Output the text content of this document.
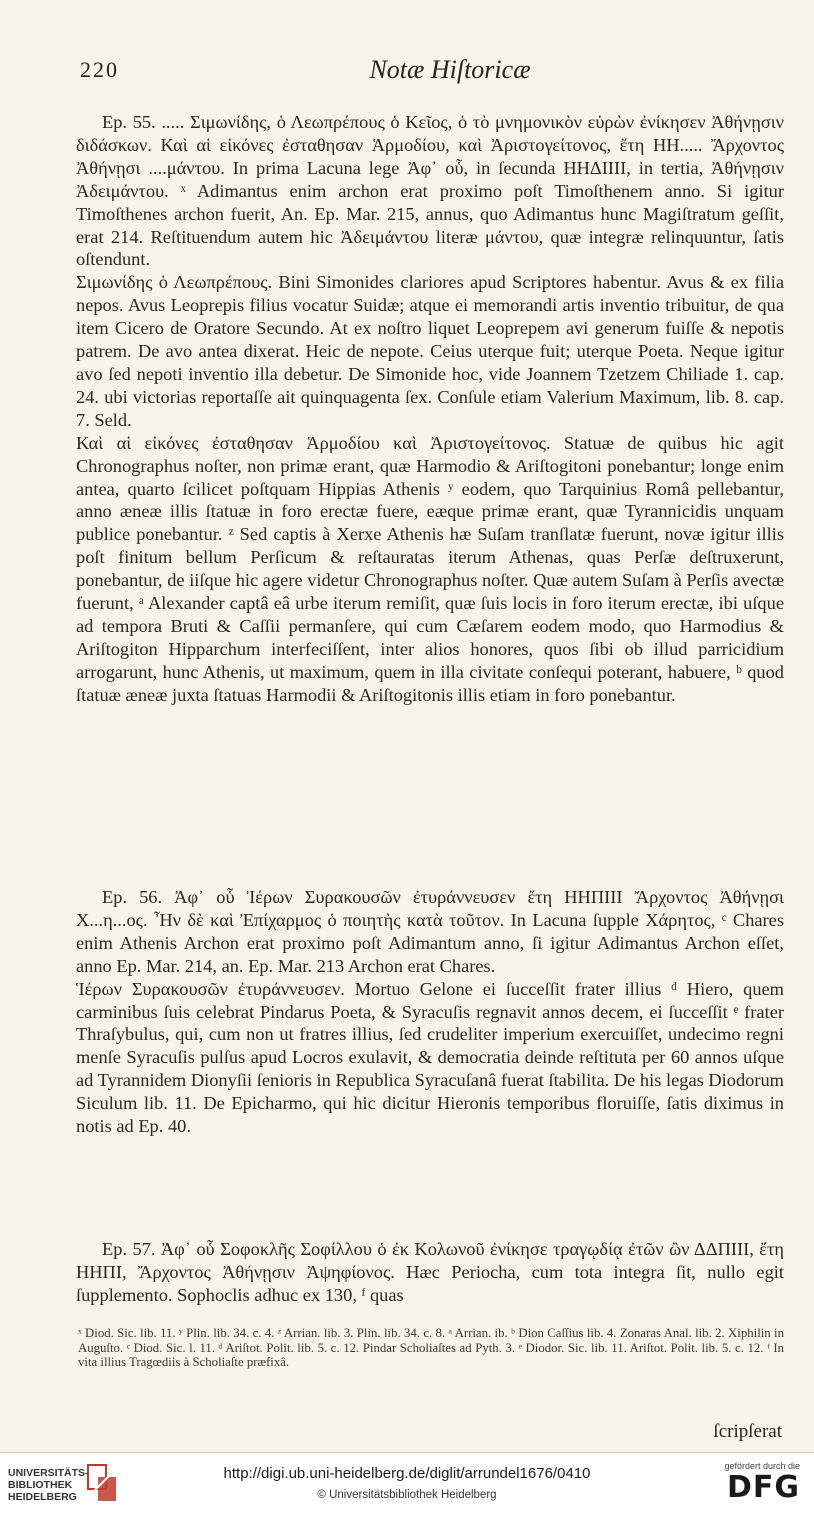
220	Notæ Hiſtoricæ

Ep. 55. ..... Σιμωνίδης, ὁ Λεωπρέπους ὁ Κεῖος, ὁ τὸ μνημονικὸν εὑρὼν ἐνίκησεν Ἀθήνῃσιν διδάσκων. Καὶ αἱ εἰκόνες ἐσταθησαν Ἁρμοδίου, καὶ Ἀριστογείτονος, ἔτη ΗΗ..... Ἄρχοντος Ἀθήνῃσι ....μάντου. In prima Lacuna lege Ἀφ᾽ οὗ, in ſecunda ΗΗΔΙΙΙΙ, in tertia, Ἀθήνῃσιν Ἀδειμάντου. ˣ Adimantus enim archon erat proximo poſt Timoſthenem anno. Si igitur Timoſthenes archon fuerit, An. Ep. Mar. 215, annus, quo Adimantus hunc Magiſtratum geſſit, erat 214. Reſtituendum autem hic Ἀδειμάντου literæ μάντου, quæ integræ relinquuntur, ſatis oſtendunt.

Σιμωνίδης ὁ Λεωπρέπους. Bini Simonides clariores apud Scriptores habentur. Avus & ex filia nepos. Avus Leoprepis filius vocatur Suidæ; atque ei memorandi artis inventio tribuitur, de qua item Cicero de Oratore Secundo. At ex noſtro liquet Leoprepem avi generum fuiſſe & nepotis patrem. De avo antea dixerat. Heic de nepote. Ceius uterque fuit; uterque Poeta. Neque igitur avo ſed nepoti inventio illa debetur. De Simonide hoc, vide Joannem Tzetzem Chiliade 1. cap. 24. ubi victorias reportaſſe ait quinquagenta ſex. Conſule etiam Valerium Maximum, lib. 8. cap. 7. Seld.

Καὶ αἱ εἰκόνες ἐσταθησαν Ἁρμοδίου καὶ Ἀριστογείτονος. Statuæ de quibus hic agit Chronographus noſter, non primæ erant, quæ Harmodio & Ariſtogitoni ponebantur; longe enim antea, quarto ſcilicet poſtquam Hippias Athenis ʸ eodem, quo Tarquinius Româ pellebantur, anno æneæ illis ſtatuæ in foro erectæ fuere, eæque primæ erant, quæ Tyrannicidis unquam publice ponebantur. ᶻ Sed captis à Xerxe Athenis hæ Suſam tranſlatæ fuerunt, novæ igitur illis poſt finitum bellum Perſicum & reſtauratas iterum Athenas, quas Perſæ deſtruxerunt, ponebantur, de iiſque hic agere videtur Chronographus noſter. Quæ autem Suſam à Perſis avectæ fuerunt, ᵃ Alexander captâ eâ urbe iterum remiſit, quæ ſuis locis in foro iterum erectæ, ibi uſque ad tempora Bruti & Caſſii permanſere, qui cum Cæſarem eodem modo, quo Harmodius & Ariſtogiton Hipparchum interfeciſſent, inter alios honores, quos ſibi ob illud parricidium arrogarunt, hunc Athenis, ut maximum, quem in illa civitate conſequi poterant, habuere, ᵇ quod ſtatuæ æneæ juxta ſtatuas Harmodii & Ariſtogitonis illis etiam in foro ponebantur.

Ep. 56. Ἀφ᾽ οὗ Ἱέρων Συρακουσῶν ἐτυράννευσεν ἔτη ΗΗΠΙΙΙ Ἄρχοντος Ἀθήνῃσι Χ...η...ος. Ἦν δὲ καὶ Ἐπίχαρμος ὁ ποιητὴς κατὰ τοῦτον. In Lacuna ſupple Χάρητος, ᶜ Chares enim Athenis Archon erat proximo poſt Adimantum anno, ſi igitur Adimantus Archon eſſet, anno Ep. Mar. 214, an. Ep. Mar. 213 Archon erat Chares.

Ἱέρων Συρακουσῶν ἐτυράννευσεν. Mortuo Gelone ei ſucceſſit frater illius ᵈ Hiero, quem carminibus ſuis celebrat Pindarus Poeta, & Syracuſis regnavit annos decem, ei ſucceſſit ᵉ frater Thraſybulus, qui, cum non ut fratres illius, ſed crudeliter imperium exercuiſſet, undecimo regni menſe Syracuſis pulſus apud Locros exulavit, & democratia deinde reſtituta per 60 annos uſque ad Tyrannidem Dionyſii ſenioris in Republica Syracuſanâ fuerat ſtabilita. De his legas Diodorum Siculum lib. 11. De Epicharmo, qui hic dicitur Hieronis temporibus floruiſſe, ſatis diximus in notis ad Ep. 40.

Ep. 57. Ἀφ᾽ οὗ Σοφοκλῆς Σοφίλλου ὁ ἐκ Κολωνοῦ ἐνίκησε τραγῳδίᾳ ἐτῶν ὢν ΔΔΠΙΙΙ, ἔτη ΗΗΠΙ, Ἄρχοντος Ἀθήνῃσιν Ἀψηφίονος. Hæc Periocha, cum tota integra ſit, nullo egit ſupplemento. Sophoclis adhuc ex 130, ᶠ quas

ˣ Diod. Sic. lib. 11. ʸ Plin. lib. 34. c. 4. ᶻ Arrian. lib. 3. Plin. lib. 34. c. 8. ᵃ Arrian. ib. ᵇ Dion Caſſius lib. 4. Zonaras Anal. lib. 2. Xiphilin in Auguſto. ᶜ Diod. Sic. l. 11. ᵈ Ariſtot. Polit. lib. 5. c. 12. Pindar Scholiaſtes ad Pyth. 3. ᵉ Diodor. Sic. lib. 11. Ariſtot. Polit. lib. 5. c. 12. ᶠ In vita illius Tragœdiis à Scholiaſte præfixâ.
ſcripſerat
UNIVERSITÄTS-
BIBLIOTHEK
HEIDELBERG
http://digi.ub.uni-heidelberg.de/diglit/arrundel1676/0410
© Universitätsbibliothek Heidelberg
gefördert durch die
DFG
